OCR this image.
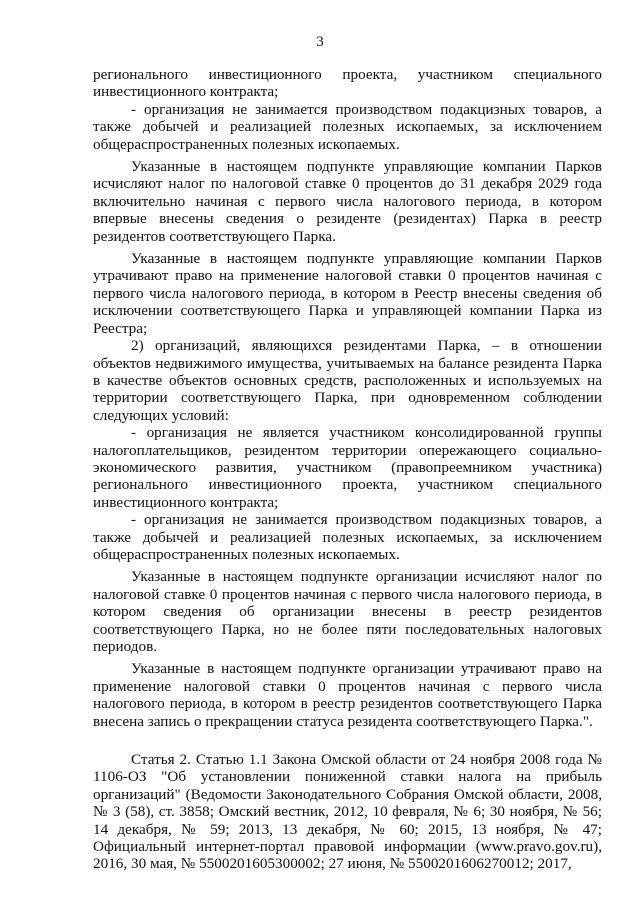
3

регионального инвестиционного проекта, участником специального инвестиционного контракта;

- организация не занимается производством подакцизных товаров, а также добычей и реализацией полезных ископаемых, за исключением общераспространенных полезных ископаемых.

Указанные в настоящем подпункте управляющие компании Парков исчисляют налог по налоговой ставке 0 процентов до 31 декабря 2029 года включительно начиная с первого числа налогового периода, в котором впервые внесены сведения о резиденте (резидентах) Парка в реестр резидентов соответствующего Парка.

Указанные в настоящем подпункте управляющие компании Парков утрачивают право на применение налоговой ставки 0 процентов начиная с первого числа налогового периода, в котором в Реестр внесены сведения об исключении соответствующего Парка и управляющей компании Парка из Реестра;

2) организаций, являющихся резидентами Парка, – в отношении объектов недвижимого имущества, учитываемых на балансе резидента Парка в качестве объектов основных средств, расположенных и используемых на территории соответствующего Парка, при одновременном соблюдении следующих условий:

- организация не является участником консолидированной группы налогоплательщиков, резидентом территории опережающего социально-экономического развития, участником (правопреемником участника) регионального инвестиционного проекта, участником специального инвестиционного контракта;

- организация не занимается производством подакцизных товаров, а также добычей и реализацией полезных ископаемых, за исключением общераспространенных полезных ископаемых.

Указанные в настоящем подпункте организации исчисляют налог по налоговой ставке 0 процентов начиная с первого числа налогового периода, в котором сведения об организации внесены в реестр резидентов соответствующего Парка, но не более пяти последовательных налоговых периодов.

Указанные в настоящем подпункте организации утрачивают право на применение налоговой ставки 0 процентов начиная с первого числа налогового периода, в котором в реестр резидентов соответствующего Парка внесена запись о прекращении статуса резидента соответствующего Парка.".

Статья 2. Статью 1.1 Закона Омской области от 24 ноября 2008 года № 1106-ОЗ "Об установлении пониженной ставки налога на прибыль организаций" (Ведомости Законодательного Собрания Омской области, 2008, № 3 (58), ст. 3858; Омский вестник, 2012, 10 февраля, № 6; 30 ноября, № 56; 14 декабря, № 59; 2013, 13 декабря, № 60; 2015, 13 ноября, № 47; Официальный интернет-портал правовой информации (www.pravo.gov.ru), 2016, 30 мая, № 5500201605300002; 27 июня, № 5500201606270012; 2017,
